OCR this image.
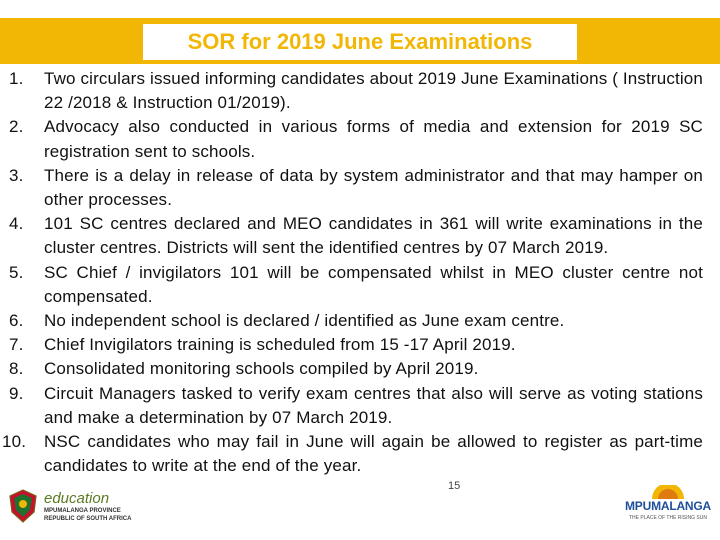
SOR for 2019 June Examinations
1.	Two circulars issued informing candidates about 2019 June Examinations ( Instruction 22 /2018 & Instruction 01/2019).
2.	Advocacy also conducted in various forms of media and extension for 2019 SC registration sent to schools.
3.	There is a delay in release of data by system administrator and that may hamper on other processes.
4.	101 SC centres declared and MEO candidates in 361 will write examinations in the cluster centres. Districts will sent the identified centres by 07 March 2019.
5.	SC Chief / invigilators 101 will be compensated whilst in MEO cluster centre not compensated.
6.	No independent school is declared / identified as June exam centre.
7.	Chief Invigilators training is scheduled from 15 -17 April 2019.
8.	Consolidated monitoring schools compiled by April 2019.
9.	Circuit Managers tasked to verify exam centres that also will serve as voting stations and make a determination by 07 March 2019.
10.	NSC candidates who may fail in June will again be allowed to register as part-time candidates to write at the end of the year.
15
education
MPUMALANGA PROVINCE
REPUBLIC OF SOUTH AFRICA
MPUMALANGA
THE PLACE OF THE RISING SUN
